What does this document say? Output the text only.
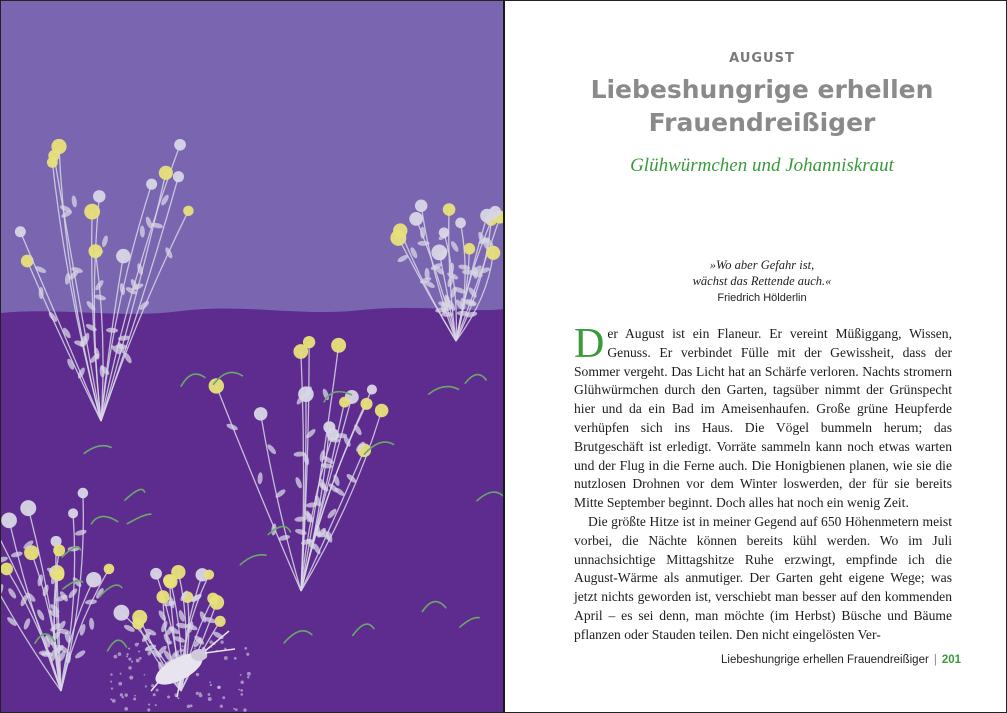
AUGUST
Liebeshungrige erhellen
Frauendreißiger
Glühwürmchen und Johanniskraut
»Wo aber Gefahr ist,
wächst das Rettende auch.«
Friedrich Hölderlin

Der August ist ein Flaneur. Er vereint Müßiggang, Wissen, Genuss. Er verbindet Fülle mit der Gewissheit, dass der Sommer vergeht. Das Licht hat an Schärfe verloren. Nachts stromern Glühwürmchen durch den Garten, tagsüber nimmt der Grünspecht hier und da ein Bad im Ameisenhaufen. Große grüne Heupferde verhüpfen sich ins Haus. Die Vögel bummeln herum; das Brutgeschäft ist erledigt. Vorräte sammeln kann noch etwas warten und der Flug in die Ferne auch. Die Honigbienen planen, wie sie die nutzlosen Drohnen vor dem Winter loswerden, der für sie bereits Mitte September beginnt. Doch alles hat noch ein wenig Zeit.

Die größte Hitze ist in meiner Gegend auf 650 Höhenmetern meist vorbei, die Nächte können bereits kühl werden. Wo im Juli unnachsichtige Mittagshitze Ruhe erzwingt, empfinde ich die August-Wärme als anmutiger. Der Garten geht eigene Wege; was jetzt nichts geworden ist, verschiebt man besser auf den kommenden April – es sei denn, man möchte (im Herbst) Büsche und Bäume pflanzen oder Stauden teilen. Den nicht eingelösten Ver-

Liebeshungrige erhellen Frauendreißiger | 201
